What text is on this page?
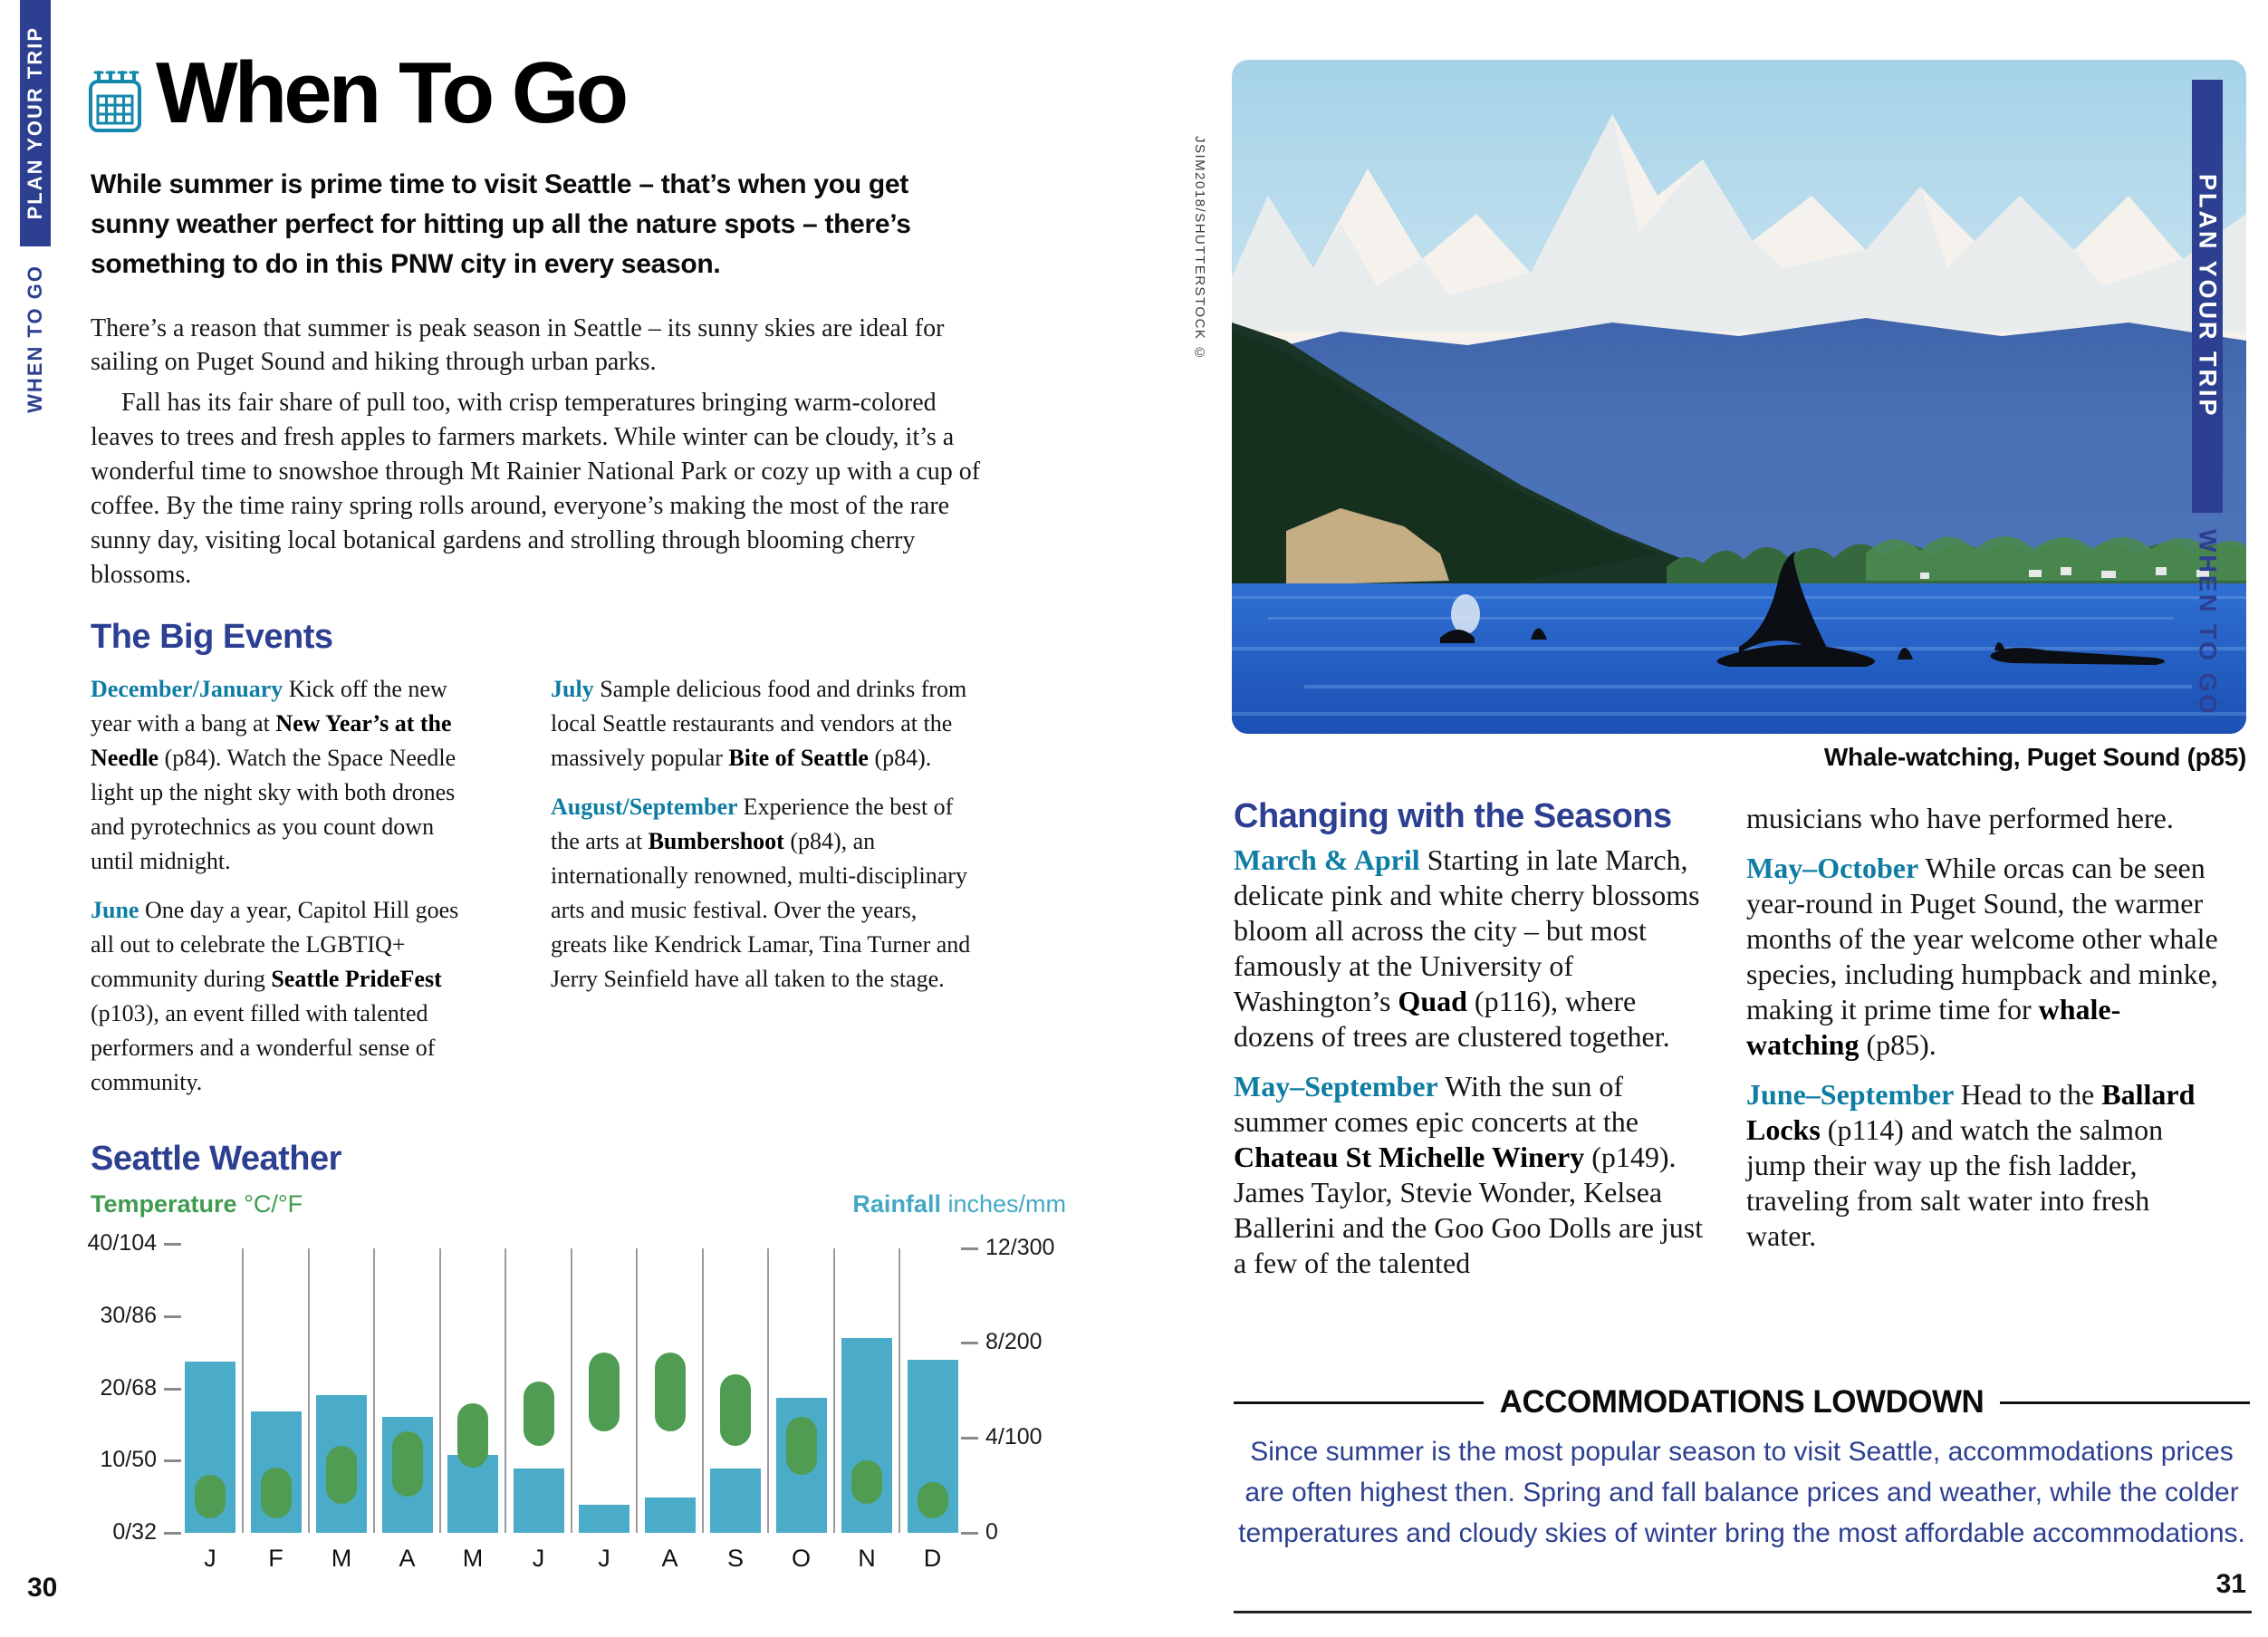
PLAN YOUR TRIP
WHEN TO GO
When To Go
While summer is prime time to visit Seattle – that’s when you get sunny weather perfect for hitting up all the nature spots – there’s something to do in this PNW city in every season.
There’s a reason that summer is peak season in Seattle – its sunny skies are ideal for sailing on Puget Sound and hiking through urban parks.
Fall has its fair share of pull too, with crisp temperatures bringing warm-colored leaves to trees and fresh apples to farmers markets. While winter can be cloudy, it’s a wonderful time to snowshoe through Mt Rainier National Park or cozy up with a cup of coffee. By the time rainy spring rolls around, everyone’s making the most of the rare sunny day, visiting local botanical gardens and strolling through blooming cherry blossoms.
The Big Events

December/January Kick off the new year with a bang at New Year’s at the Needle (p84). Watch the Space Needle light up the night sky with both drones and pyrotechnics as you count down until midnight.

June One day a year, Capitol Hill goes all out to celebrate the LGBTIQ+ community during Seattle PrideFest (p103), an event filled with talented performers and a wonderful sense of community.

July Sample delicious food and drinks from local Seattle restaurants and vendors at the massively popular Bite of Seattle (p84).

August/September Experience the best of the arts at Bumbershoot (p84), an internationally renowned, multi-disciplinary arts and music festival. Over the years, greats like Kendrick Lamar, Tina Turner and Jerry Seinfield have all taken to the stage.

Seattle Weather
Temperature °C/°F	Rainfall inches/mm
J	F	M	A	M	J	J	A	S	O	N	D
40/104
30/86
20/68
10/50
0/32
12/300
8/200
4/100
0
30
JSIM2018/SHUTTERSTOCK ©
Whale-watching, Puget Sound (p85)
Changing with the Seasons

March & April Starting in late March, delicate pink and white cherry blossoms bloom all across the city – but most famously at the University of Washington’s Quad (p116), where dozens of trees are clustered together.

May–September With the sun of summer comes epic concerts at the Chateau St Michelle Winery (p149). James Taylor, Stevie Wonder, Kelsea Ballerini and the Goo Goo Dolls are just a few of the talented

musicians who have performed here.

May–October While orcas can be seen year-round in Puget Sound, the warmer months of the year welcome other whale species, including humpback and minke, making it prime time for whale-watching (p85).

June–September Head to the Ballard Locks (p114) and watch the salmon jump their way up the fish ladder, traveling from salt water into fresh water.

ACCOMMODATIONS LOWDOWN
Since summer is the most popular season to visit Seattle, accommodations prices are often highest then. Spring and fall balance prices and weather, while the colder temperatures and cloudy skies of winter bring the most affordable accommodations.
31
PLAN YOUR TRIP
WHEN TO GO
